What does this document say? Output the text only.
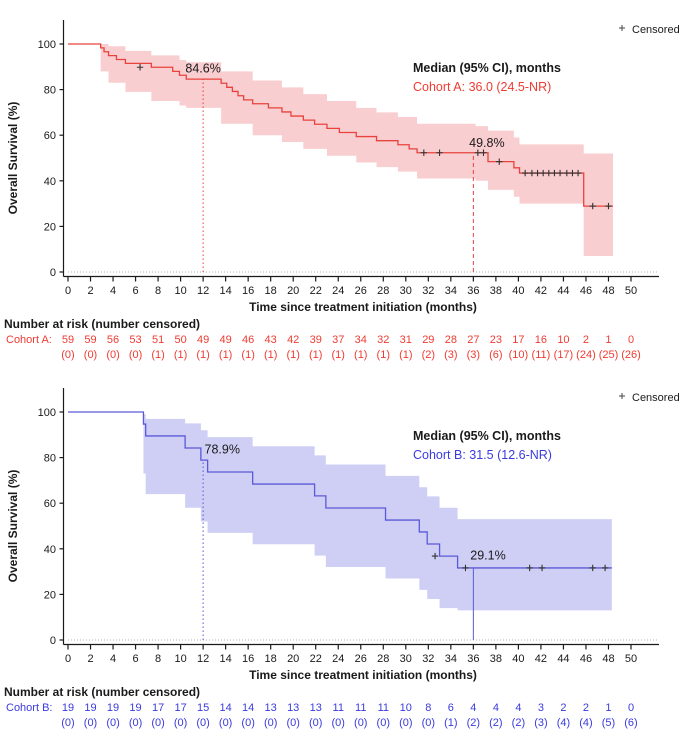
0
20
40
60
80
100
0 2 4 6 8 10 12 14 16 18 20 22 24 26 28 30 32 34 36 38 40 42 44 46 48 50
Overall Survival (%)
Time since treatment initiation (months)
Censored
Median (95% CI), months
Cohort A: 36.0 (24.5-NR)
84.6%
49.8%
Number at risk (number censored)
Cohort A: 59
(0)
59
(0)
56
(0)
53
(0)
51
(1)
50
(1)
49
(1)
49
(1)
46
(1)
43
(1)
42
(1)
39
(1)
37
(1)
34
(1)
32
(1)
31
(1)
29
(2)
28
(3)
27
(3)
23
(6)
17
(10)
16
(11)
10
(17)
2
(24)
1
(25)
0
(26)
0
20
40
60
80
100
0 2 4 6 8 10 12 14 16 18 20 22 24 26 28 30 32 34 36 38 40 42 44 46 48 50
Overall Survival (%)
Time since treatment initiation (months)
Censored
Median (95% CI), months
Cohort B: 31.5 (12.6-NR)
78.9%
29.1%
Number at risk (number censored)
Cohort B: 19
(0)
19
(0)
19
(0)
19
(0)
17
(0)
17
(0)
15
(0)
14
(0)
14
(0)
13
(0)
13
(0)
13
(0)
11
(0)
11
(0)
11
(0)
10
(0)
8
(0)
6
(1)
4
(2)
4
(2)
4
(2)
3
(3)
2
(4)
2
(4)
1
(5)
0
(6)
